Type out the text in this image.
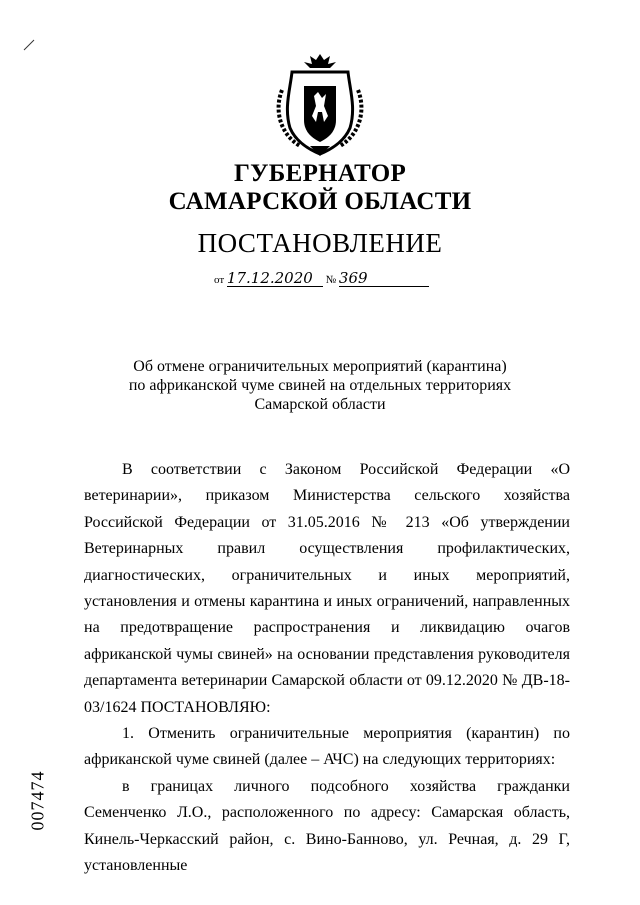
ГУБЕРНАТОР
САМАРСКОЙ ОБЛАСТИ
ПОСТАНОВЛЕНИЕ
от 17.12.2020 № 369
Об отмене ограничительных мероприятий (карантина)
по африканской чуме свиней на отдельных территориях
Самарской области

В соответствии с Законом Российской Федерации «О ветеринарии», приказом Министерства сельского хозяйства Российской Федерации от 31.05.2016 № 213 «Об утверждении Ветеринарных правил осуществления профилактических, диагностических, ограничительных и иных мероприятий, установления и отмены карантина и иных ограничений, направленных на предотвращение распространения и ликвидацию очагов африканской чумы свиней» на основании представления руководителя департамента ветеринарии Самарской области от 09.12.2020 № ДВ-18-03/1624 ПОСТАНОВЛЯЮ:

1. Отменить ограничительные мероприятия (карантин) по африканской чуме свиней (далее – АЧС) на следующих территориях:

в границах личного подсобного хозяйства гражданки Семенченко Л.О., расположенного по адресу: Самарская область, Кинель-Черкасский район, с. Вино-Банново, ул. Речная, д. 29 Г, установленные

007474
